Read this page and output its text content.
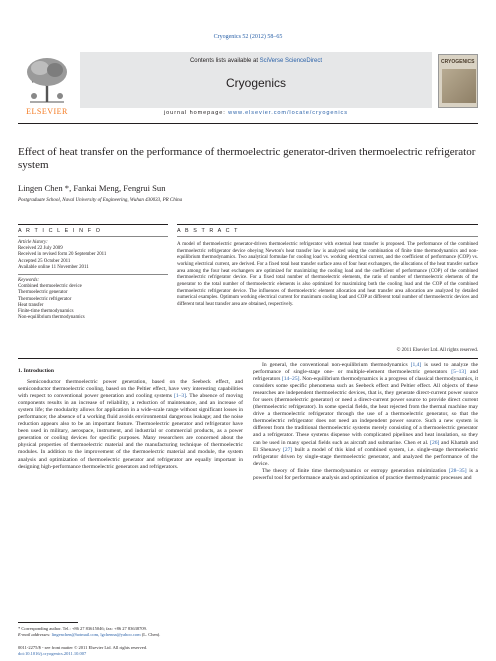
Cryogenics 52 (2012) 58–65
ELSEVIER
Contents lists available at SciVerse ScienceDirect
Cryogenics
journal homepage: www.elsevier.com/locate/cryogenics
CRYOGENICS
Effect of heat transfer on the performance of thermoelectric generator-driven thermoelectric refrigerator system
Lingen Chen *, Fankai Meng, Fengrui Sun
Postgraduate School, Naval University of Engineering, Wuhan 430033, PR China
A R T I C L E I N F O
Article history:
Received 22 July 2009
Received in revised form 20 September 2011
Accepted 25 October 2011
Available online 11 November 2011
Keywords:
Combined thermoelectric device
Thermoelectric generator
Thermoelectric refrigerator
Heat transfer
Finite-time thermodynamics
Non-equilibrium thermodynamics
A B S T R A C T
A model of thermoelectric generator-driven thermoelectric refrigerator with external heat transfer is proposed. The performance of the combined thermoelectric refrigerator device obeying Newton's heat transfer law is analyzed using the combination of finite time thermodynamics and non-equilibrium thermodynamics. Two analytical formulae for cooling load vs. working electrical current, and the coefficient of performance (COP) vs. working electrical current, are derived. For a fixed total heat transfer surface area of four heat exchangers, the allocations of the heat transfer surface area among the four heat exchangers are optimized for maximizing the cooling load and the coefficient of performance (COP) of the combined thermoelectric refrigerator device. For a fixed total number of thermoelectric elements, the ratio of number of thermoelectric elements of the generator to the total number of thermoelectric elements is also optimized for maximizing both the cooling load and the COP of the combined thermoelectric refrigerator device. The influences of thermoelectric element allocation and heat transfer area allocation are analyzed by detailed numerical examples. Optimum working electrical current for maximum cooling load and COP at different total number of thermoelectric devices and different total heat transfer area are obtained, respectively.
© 2011 Elsevier Ltd. All rights reserved.
1. Introduction

Semiconductor thermoelectric power generation, based on the Seebeck effect, and semiconductor thermoelectric cooling, based on the Peltier effect, have very interesting capabilities with respect to conventional power generation and cooling systems [1–3]. The absence of moving components results in an increase of reliability, a reduction of maintenance, and an increase of system life; the modularity allows for application in a wide-scale range without significant losses in performance; the absence of a working fluid avoids environmental dangerous leakage; and the noise reduction appears also to be an important feature. Thermoelectric generator and refrigerator have been used in military, aerospace, instrument, and industrial or commercial products, as a power generation or cooling devices for specific purposes. Many researchers are concerned about the physical properties of thermoelectric material and the manufacturing technique of thermoelectric modules. In addition to the improvement of the thermoelectric material and module, the system analysis and optimization of thermoelectric generator and refrigerator are equally important in designing high-performance thermoelectric generators and refrigerators.

In general, the conventional non-equilibrium thermodynamics [1,4] is used to analyze the performance of single-stage one- or multiple-element thermoelectric generators [5–13] and refrigerators [14–25]. Non-equilibrium thermodynamics is a progress of classical thermodynamics, it considers some specific phenomena such as Seebeck effect and Peltier effect. All objects of these researches are independent thermoelectric devices, that is, they generate direct-current power source for users (thermoelectric generator) or need a direct-current power source to provide direct current (thermoelectric refrigerator). In some special fields, the heat rejected from the thermal machine may drive a thermoelectric refrigerator through the use of a thermoelectric generator, so that the thermoelectric refrigerator does not need an independent power source. Such a new system is different from the traditional thermoelectric systems merely consisting of a thermoelectric generator and a refrigerator. These systems dispense with complicated pipelines and heat insulation, so they can be used in many special fields such as aircraft and submarine. Chen et al. [26] and Khattab and El Shenawy [27] built a model of this kind of combined system, i.e. single-stage thermoelectric refrigerator driven by single-stage thermoelectric generator, and analyzed the performance of the device.

The theory of finite time thermodynamics or entropy generation minimization [28–35] is a powerful tool for performance analysis and optimization of practice thermodynamic processes and

* Corresponding author. Tel.: +86 27 83615046; fax: +86 27 83638709.
E-mail addresses: lingenchen@hotmail.com, lgchenna@yahoo.com (L. Chen).
0011-2275/$ - see front matter © 2011 Elsevier Ltd. All rights reserved.
doi:10.1016/j.cryogenics.2011.10.007
